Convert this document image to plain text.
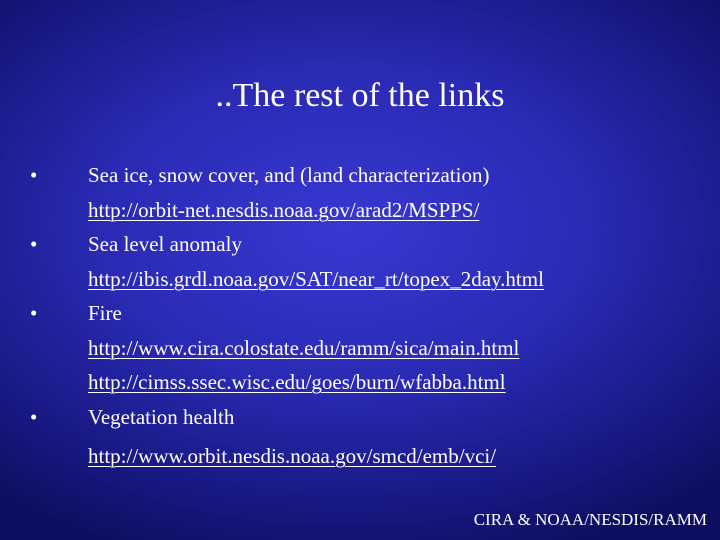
..The rest of the links
•	Sea ice, snow cover, and (land characterization)
http://orbit-net.nesdis.noaa.gov/arad2/MSPPS/
•	Sea level anomaly
http://ibis.grdl.noaa.gov/SAT/near_rt/topex_2day.html
•	Fire
http://www.cira.colostate.edu/ramm/sica/main.html
http://cimss.ssec.wisc.edu/goes/burn/wfabba.html
•	Vegetation health
http://www.orbit.nesdis.noaa.gov/smcd/emb/vci/
CIRA & NOAA/NESDIS/RAMM
